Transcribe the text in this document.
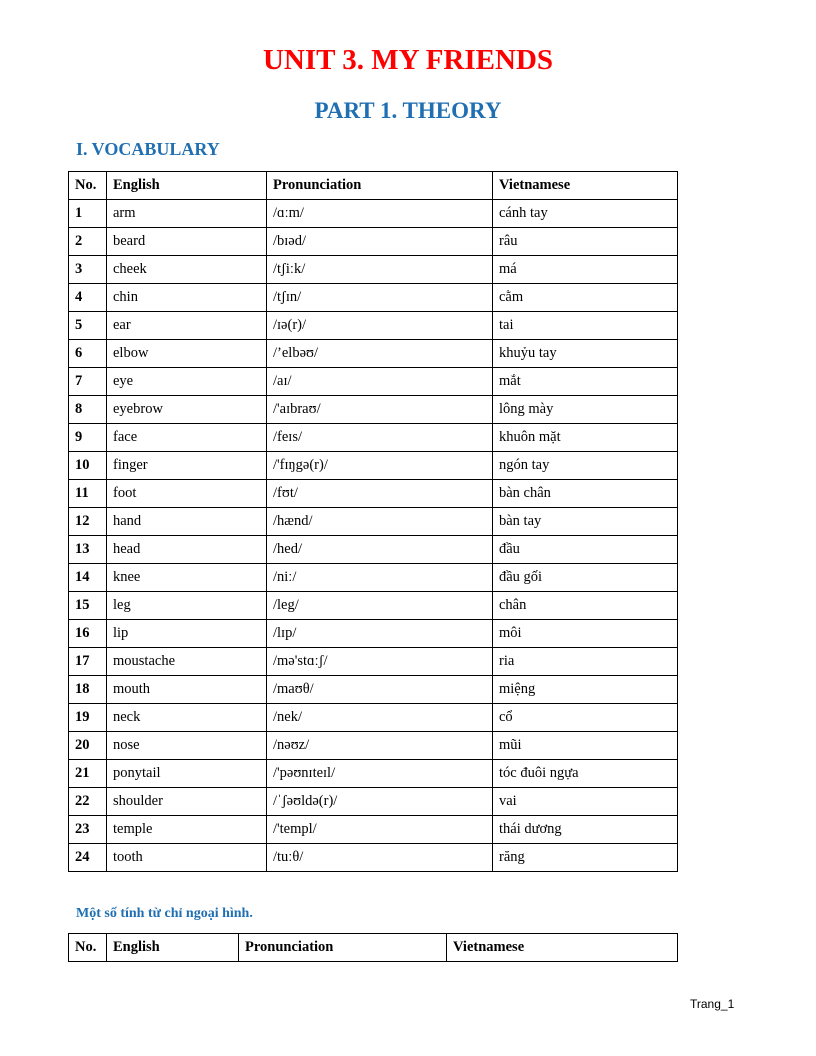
UNIT 3. MY FRIENDS
PART 1. THEORY
I. VOCABULARY
No.	English	Pronunciation	Vietnamese
1	arm	/ɑːm/	cánh tay
2	beard	/bɪəd/	râu
3	cheek	/tʃiːk/	má
4	chin	/tʃɪn/	cằm
5	ear	/ɪə(r)/	tai
6	elbow	/’elbəʊ/	khuỷu tay
7	eye	/aɪ/	mắt
8	eyebrow	/'aɪbraʊ/	lông mày
9	face	/feɪs/	khuôn mặt
10	finger	/'fɪŋgə(r)/	ngón tay
11	foot	/fʊt/	bàn chân
12	hand	/hænd/	bàn tay
13	head	/hed/	đầu
14	knee	/niː/	đầu gối
15	leg	/leg/	chân
16	lip	/lɪp/	môi
17	moustache	/mə'stɑːʃ/	ria
18	mouth	/maʊθ/	miệng
19	neck	/nek/	cổ
20	nose	/nəʊz/	mũi
21	ponytail	/'pəʊnɪteɪl/	tóc đuôi ngựa
22	shoulder	/ˈʃəʊldə(r)/	vai
23	temple	/'templ/	thái dương
24	tooth	/tuːθ/	răng
Một số tính từ chỉ ngoại hình.
No.	English	Pronunciation	Vietnamese
Trang_1
